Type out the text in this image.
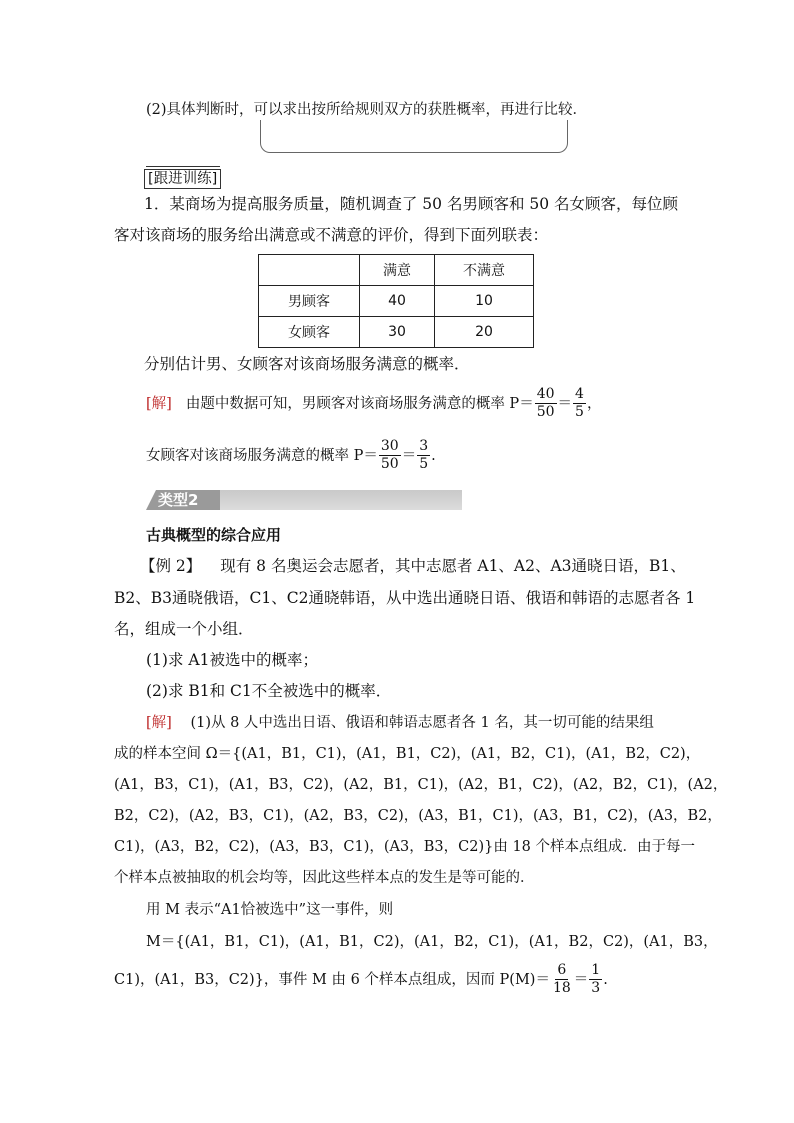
(2)具体判断时，可以求出按所给规则双方的获胜概率，再进行比较．
[跟进训练]
1．某商场为提高服务质量，随机调查了 50 名男顾客和 50 名女顾客，每位顾
客对该商场的服务给出满意或不满意的评价，得到下面列联表：
	满意	不满意
男顾客	40	10
女顾客	30	20
分别估计男、女顾客对该商场服务满意的概率．
[解] 由题中数据可知，男顾客对该商场服务满意的概率 $P= \frac{40}{50} = \frac{4}{5}$ ，
女顾客对该商场服务满意的概率 $P= \frac{30}{50} = \frac{3}{5}$ .
类型2
古典概型的综合应用
【例 2】 现有 8 名奥运会志愿者，其中志愿者 A1、A2、A3通晓日语，B1、
B2、B3通晓俄语，C1、C2通晓韩语，从中选出通晓日语、俄语和韩语的志愿者各 1
名，组成一个小组．
(1)求 A1被选中的概率；
(2)求 B1和 C1不全被选中的概率．
[解] (1)从 8 人中选出日语、俄语和韩语志愿者各 1 名，其一切可能的结果组
成的样本空间 Ω＝{(A1，B1，C1)，(A1，B1，C2)，(A1，B2，C1)，(A1，B2，C2)，
(A1，B3，C1)，(A1，B3，C2)，(A2，B1，C1)，(A2，B1，C2)，(A2，B2，C1)，(A2，
B2，C2)，(A2，B3，C1)，(A2，B3，C2)，(A3，B1，C1)，(A3，B1，C2)，(A3，B2，
C1)，(A3，B2，C2)，(A3，B3，C1)，(A3，B3，C2)}由 18 个样本点组成．由于每一
个样本点被抽取的机会均等，因此这些样本点的发生是等可能的．
用 M 表示“A1恰被选中”这一事件，则
M＝{(A1，B1，C1)，(A1，B1，C2)，(A1，B2，C1)，(A1，B2，C2)，(A1，B3，
C1)，(A1，B3，C2)}，事件 M 由 6 个样本点组成，因而 $P(M)= \frac{6}{18} = \frac{1}{3}$ .
